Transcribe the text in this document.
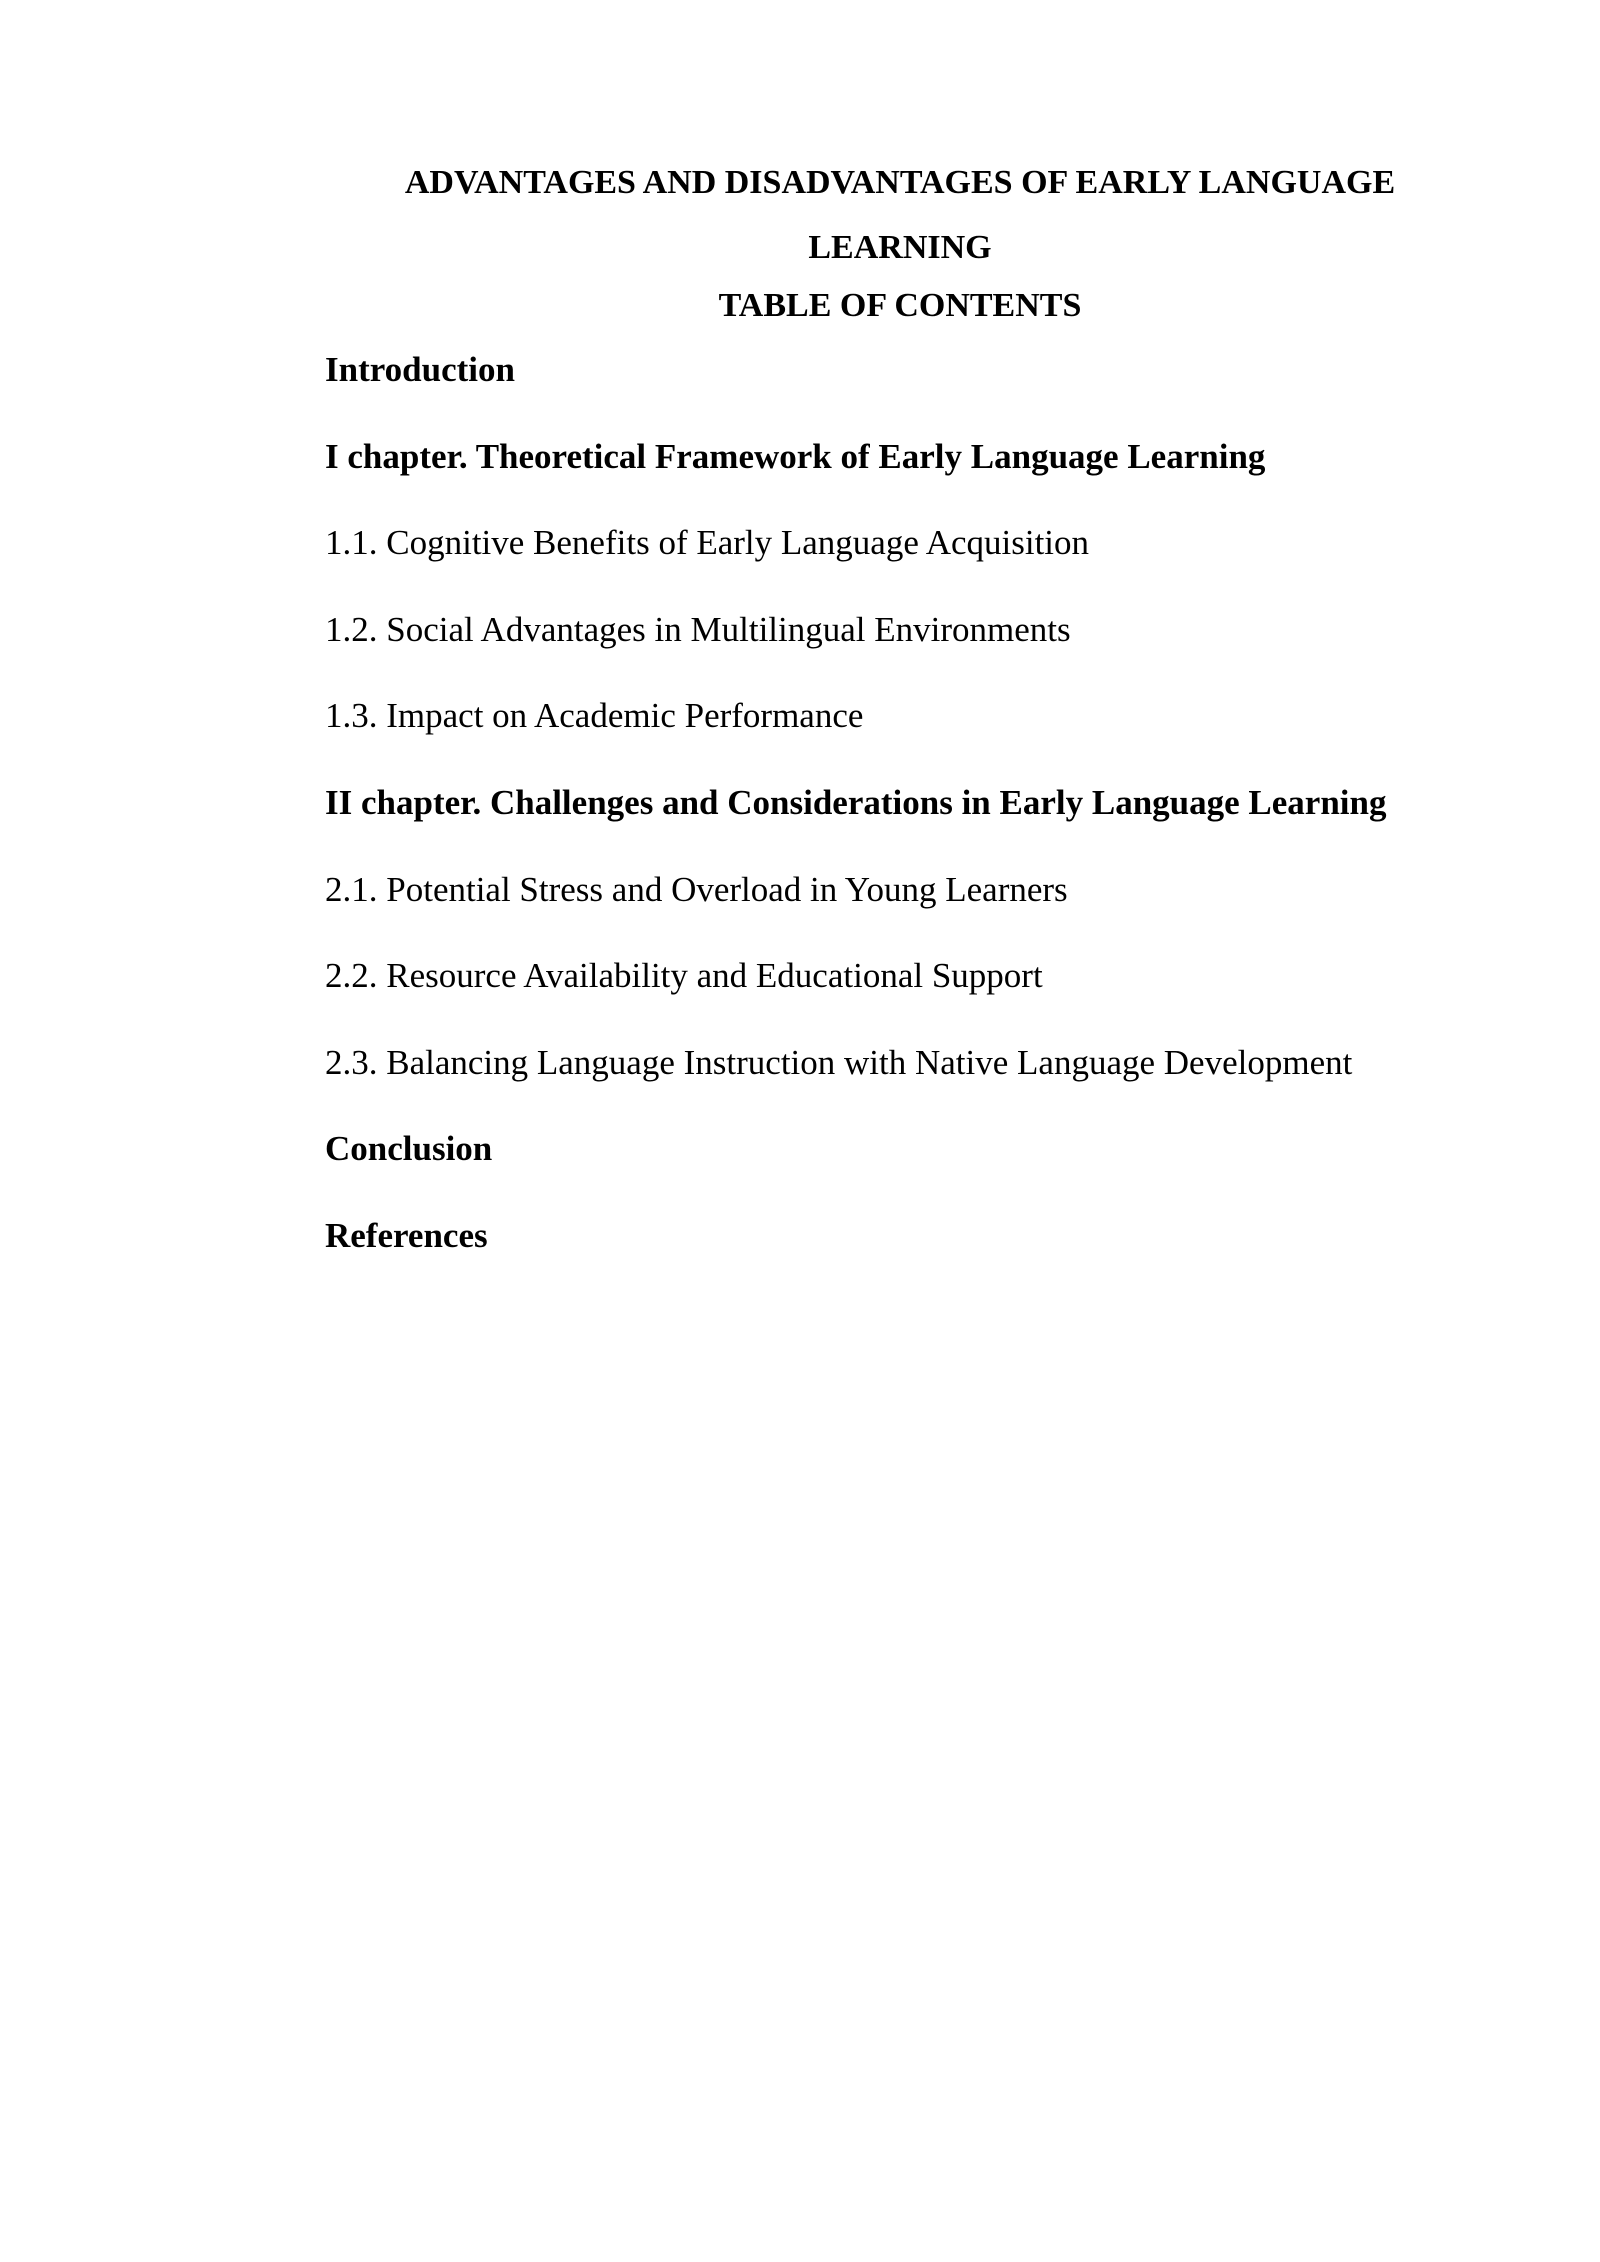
ADVANTAGES AND DISADVANTAGES OF EARLY LANGUAGE LEARNING
TABLE OF CONTENTS
Introduction
I chapter. Theoretical Framework of Early Language Learning
1.1. Cognitive Benefits of Early Language Acquisition
1.2. Social Advantages in Multilingual Environments
1.3. Impact on Academic Performance
II chapter. Challenges and Considerations in Early Language Learning
2.1. Potential Stress and Overload in Young Learners
2.2. Resource Availability and Educational Support
2.3. Balancing Language Instruction with Native Language Development
Conclusion
References
